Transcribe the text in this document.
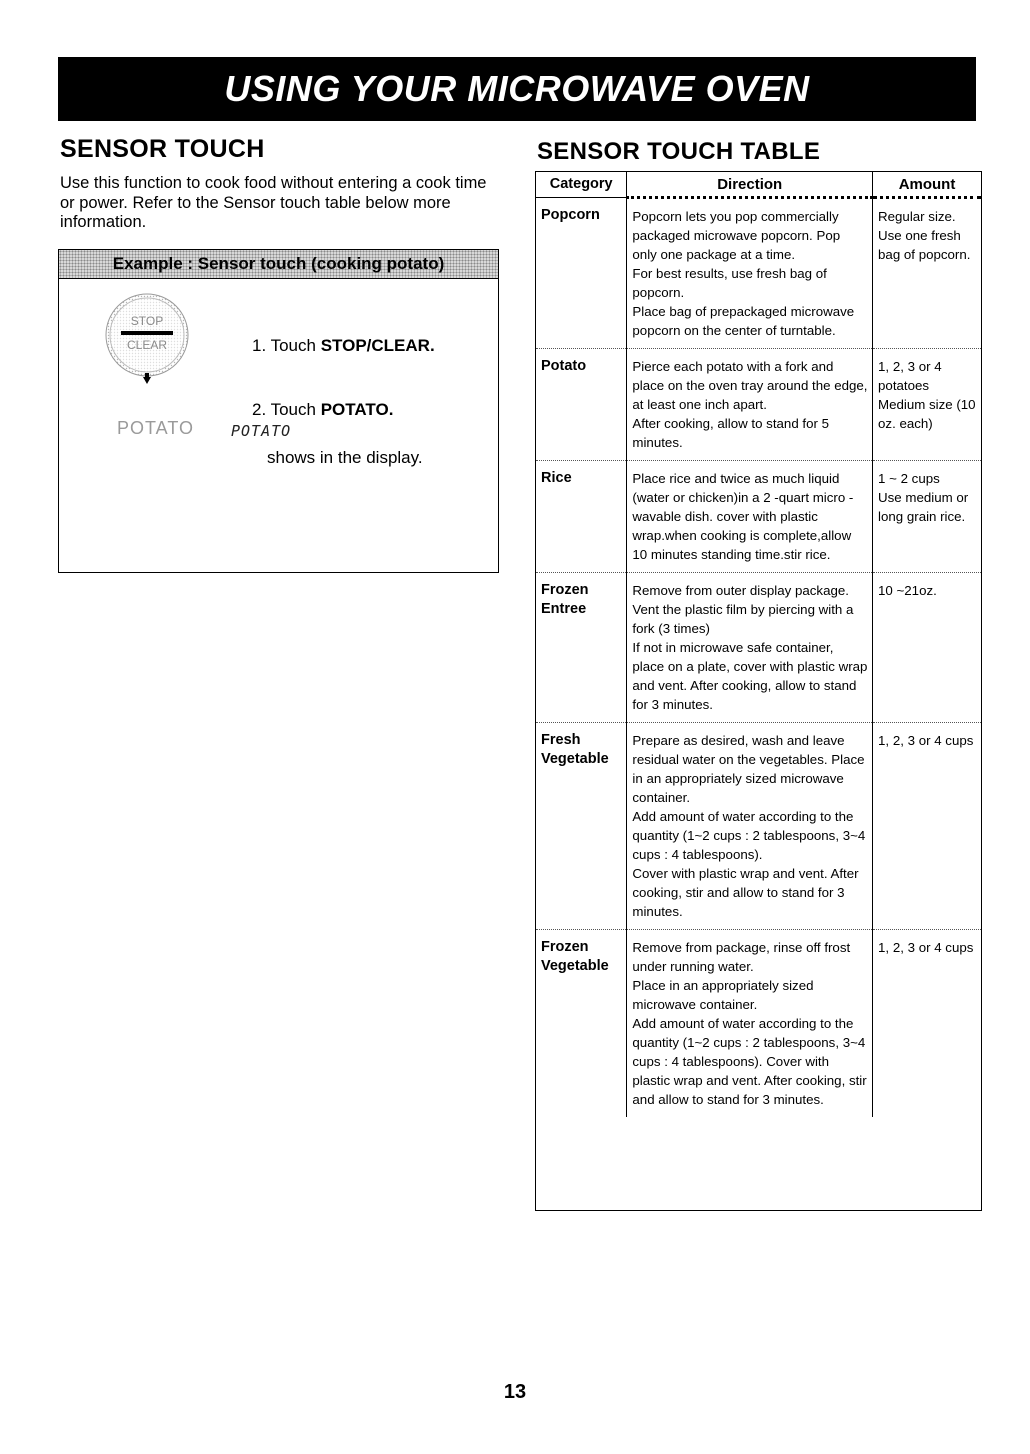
USING YOUR MICROWAVE OVEN
SENSOR TOUCH
Use this function to cook food without entering a cook time or power. Refer to the Sensor touch table below more information.
Example : Sensor touch (cooking potato)
STOP
CLEAR
POTATO
1. Touch STOP/CLEAR.
2. Touch POTATO.
POTATO
shows in the display.
SENSOR TOUCH TABLE
Category	Direction	Amount
Popcorn	Popcorn lets you pop commercially packaged microwave popcorn. Pop only one package at a time.
For best results, use fresh bag of popcorn.
Place bag of prepackaged microwave popcorn on the center of turntable.	Regular size.
Use one fresh bag of popcorn.
Potato	Pierce each potato with a fork and place on the oven tray around the edge, at least one inch apart.
After cooking, allow to stand for 5 minutes.	1, 2, 3 or 4 potatoes
Medium size (10 oz. each)
Rice	Place rice and twice as much liquid (water or chicken)in a 2 -quart micro -wavable dish. cover with plastic wrap.when cooking is complete,allow 10 minutes standing time.stir rice.	1 ~ 2 cups
Use medium or long grain rice.
Frozen
Entree	Remove from outer display package. Vent the plastic film by piercing with a fork (3 times)
If not in microwave safe container, place on a plate, cover with plastic wrap and vent. After cooking, allow to stand for 3 minutes.	10 ~21oz.
Fresh
Vegetable	Prepare as desired, wash and leave residual water on the vegetables. Place in an appropriately sized microwave container.
Add amount of water according to the quantity (1~2 cups : 2 tablespoons, 3~4 cups : 4 tablespoons).
Cover with plastic wrap and vent. After cooking, stir and allow to stand for 3 minutes.	1, 2, 3 or 4 cups
Frozen
Vegetable	Remove from package, rinse off frost under running water.
Place in an appropriately sized microwave container.
Add amount of water according to the quantity (1~2 cups : 2 tablespoons, 3~4 cups : 4 tablespoons). Cover with plastic wrap and vent. After cooking, stir and allow to stand for 3 minutes.	1, 2, 3 or 4 cups
13
